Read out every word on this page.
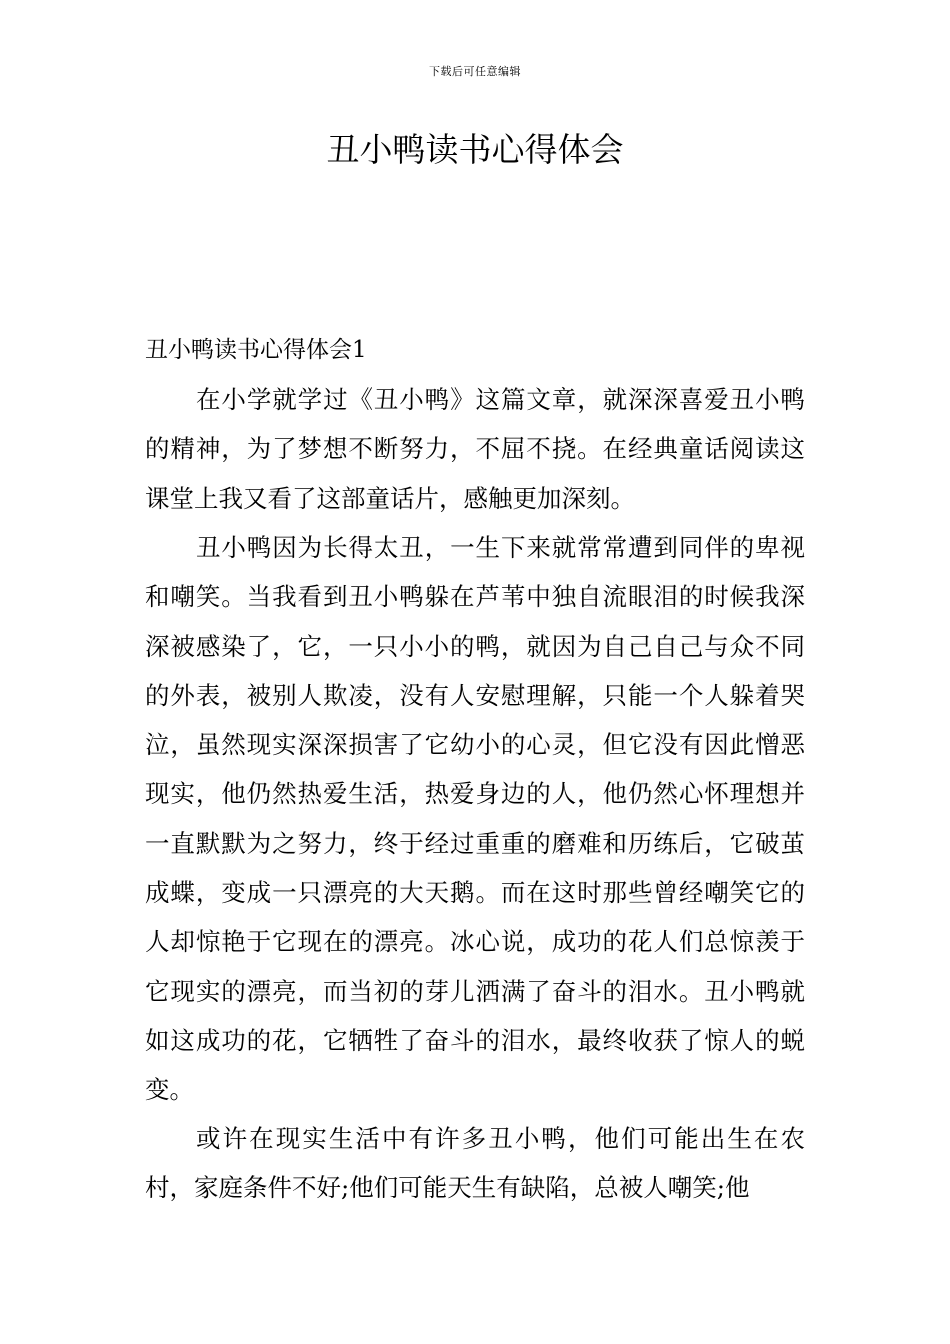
下载后可任意编辑
丑小鸭读书心得体会
丑小鸭读书心得体会1

在小学就学过《丑小鸭》这篇文章，就深深喜爱丑小鸭的精神，为了梦想不断努力，不屈不挠。在经典童话阅读这课堂上我又看了这部童话片，感触更加深刻。

丑小鸭因为长得太丑，一生下来就常常遭到同伴的卑视和嘲笑。当我看到丑小鸭躲在芦苇中独自流眼泪的时候我深深被感染了，它，一只小小的鸭，就因为自己自己与众不同的外表，被别人欺凌，没有人安慰理解，只能一个人躲着哭泣，虽然现实深深损害了它幼小的心灵，但它没有因此憎恶现实，他仍然热爱生活，热爱身边的人，他仍然心怀理想并一直默默为之努力，终于经过重重的磨难和历练后，它破茧成蝶，变成一只漂亮的大天鹅。而在这时那些曾经嘲笑它的人却惊艳于它现在的漂亮。冰心说，成功的花人们总惊羡于它现实的漂亮，而当初的芽儿洒满了奋斗的泪水。丑小鸭就如这成功的花，它牺牲了奋斗的泪水，最终收获了惊人的蜕变。

或许在现实生活中有许多丑小鸭，他们可能出生在农村，家庭条件不好;他们可能天生有缺陷，总被人嘲笑;他
